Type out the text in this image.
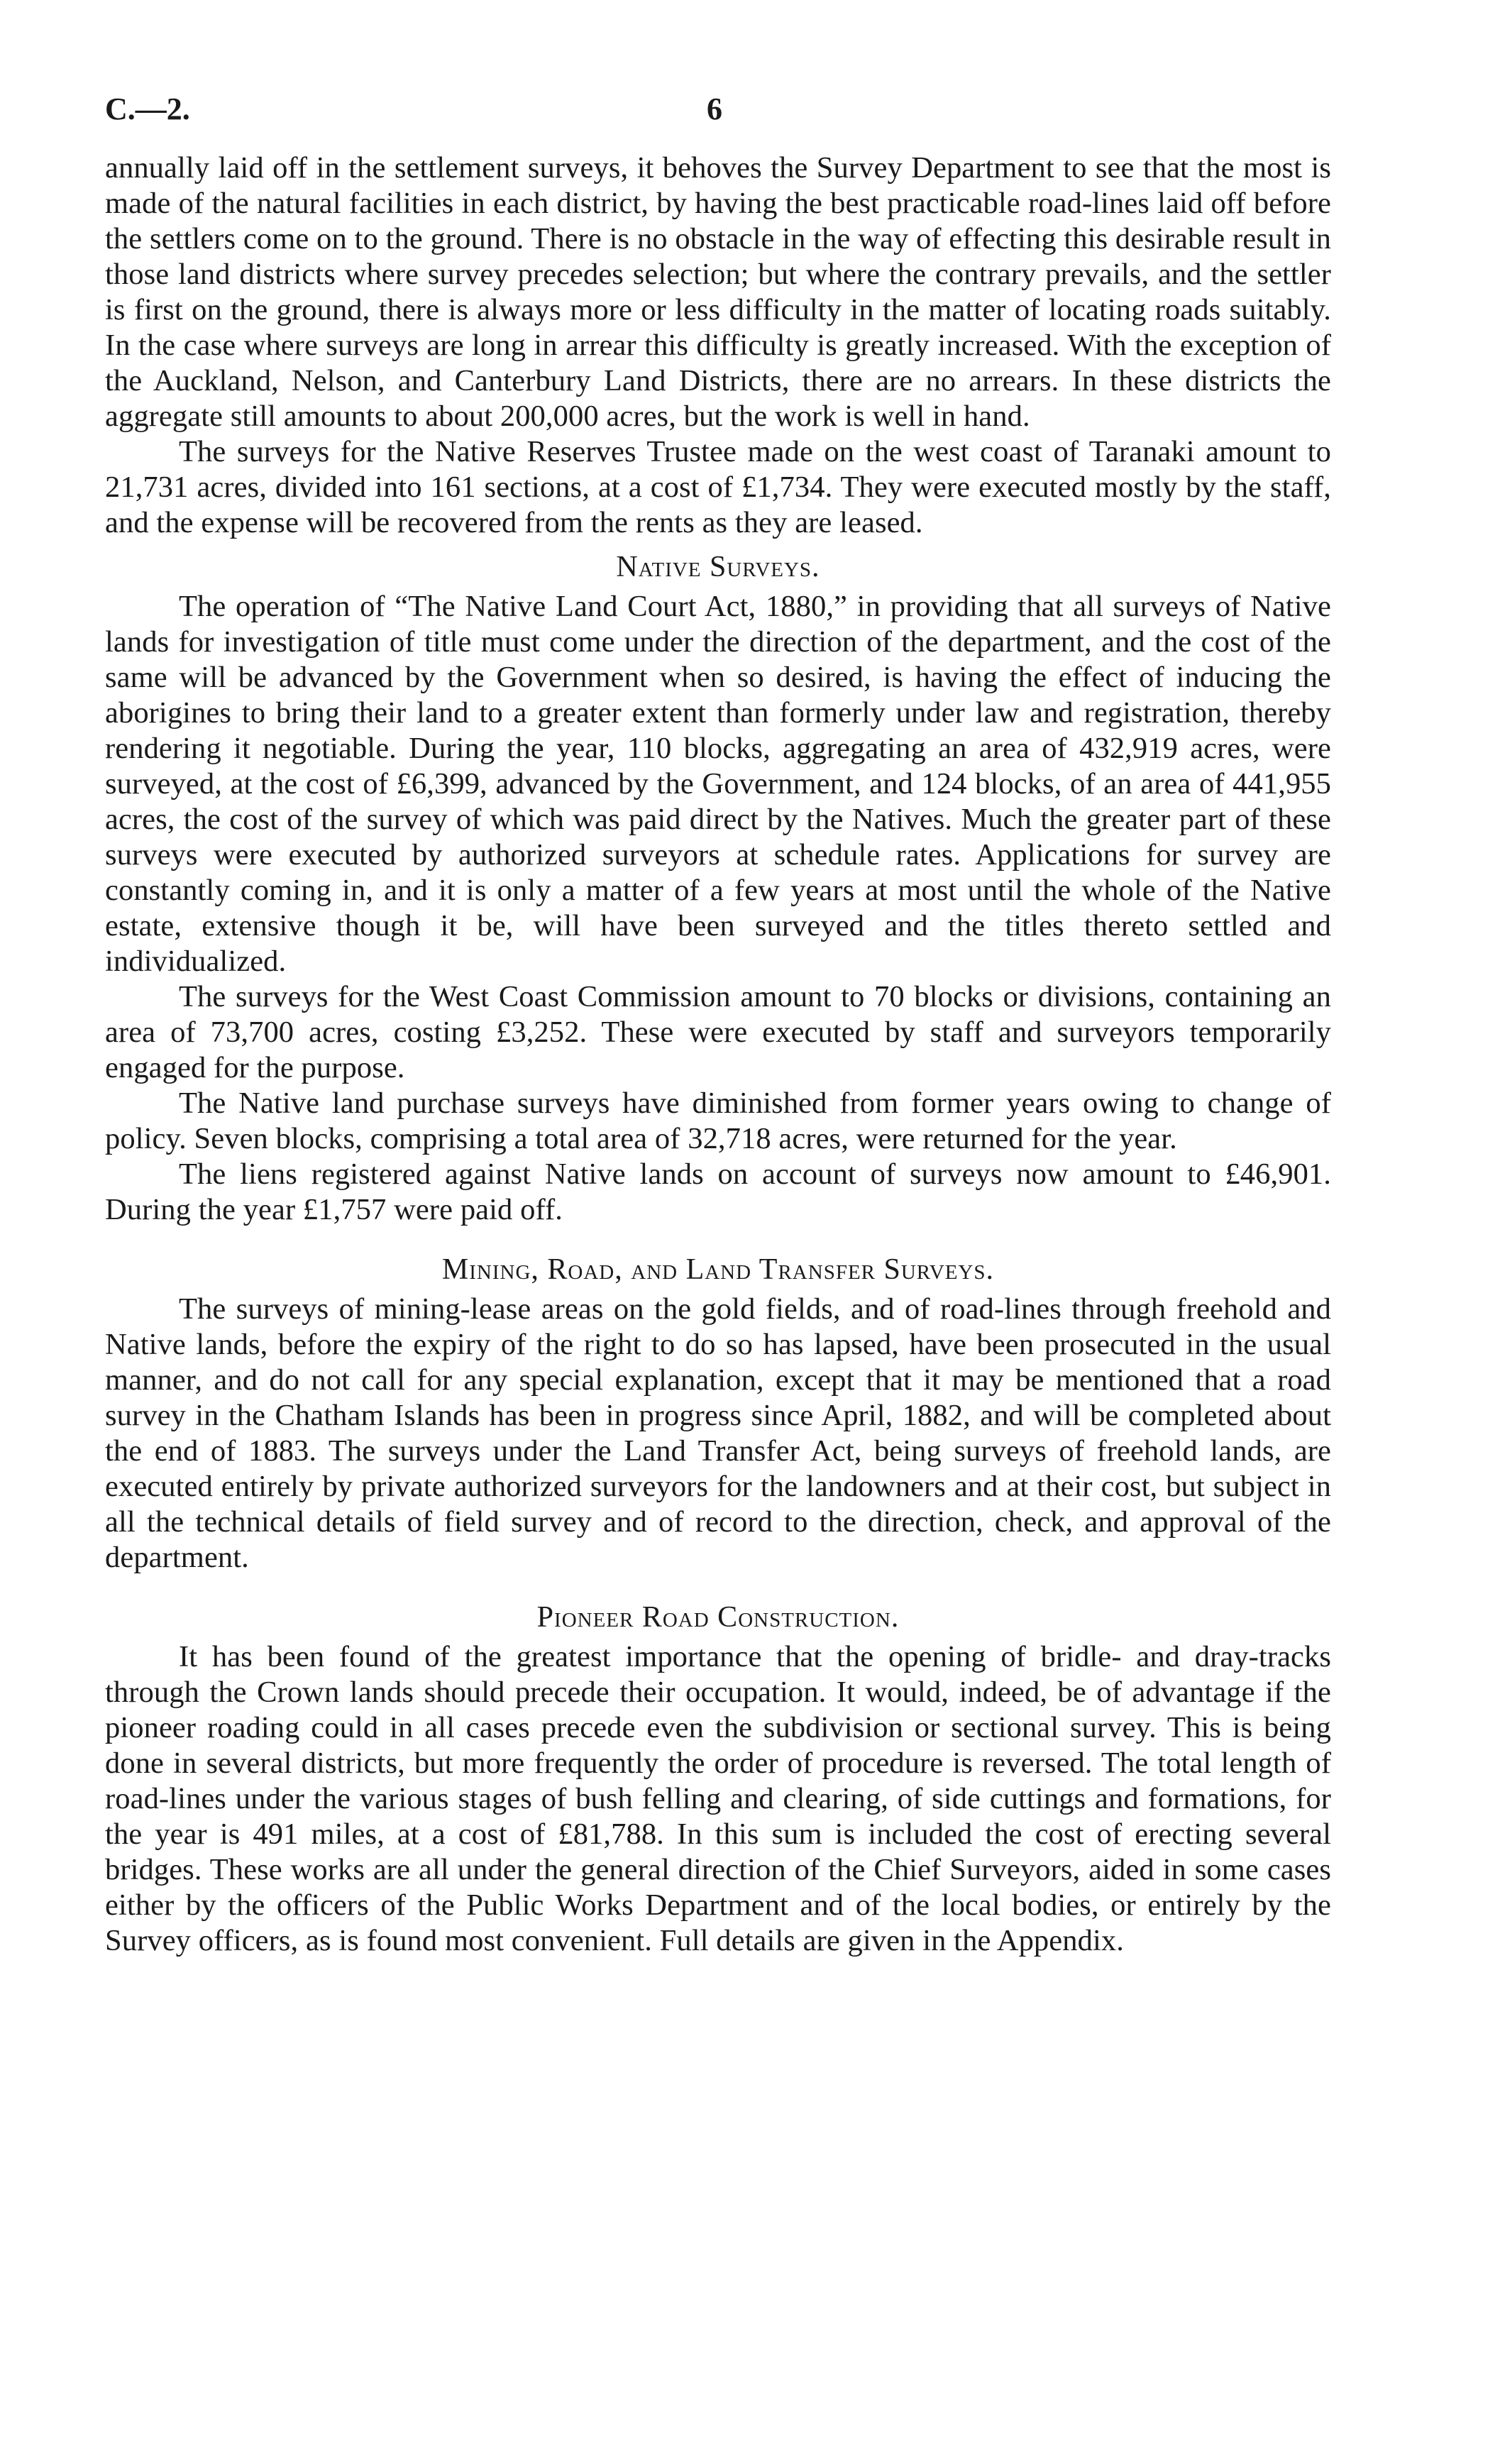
C.—2.	6

annually laid off in the settlement surveys, it behoves the Survey Department to see that the most is made of the natural facilities in each district, by having the best practicable road-lines laid off before the settlers come on to the ground. There is no obstacle in the way of effecting this desirable result in those land districts where survey precedes selection; but where the contrary prevails, and the settler is first on the ground, there is always more or less difficulty in the matter of locating roads suitably. In the case where surveys are long in arrear this difficulty is greatly increased. With the exception of the Auckland, Nelson, and Canterbury Land Districts, there are no arrears. In these districts the aggregate still amounts to about 200,000 acres, but the work is well in hand.

The surveys for the Native Reserves Trustee made on the west coast of Taranaki amount to 21,731 acres, divided into 161 sections, at a cost of £1,734. They were executed mostly by the staff, and the expense will be recovered from the rents as they are leased.

Native Surveys.

The operation of “The Native Land Court Act, 1880,” in providing that all surveys of Native lands for investigation of title must come under the direction of the department, and the cost of the same will be advanced by the Government when so desired, is having the effect of inducing the aborigines to bring their land to a greater extent than formerly under law and registration, thereby rendering it negotiable. During the year, 110 blocks, aggregating an area of 432,919 acres, were surveyed, at the cost of £6,399, advanced by the Government, and 124 blocks, of an area of 441,955 acres, the cost of the survey of which was paid direct by the Natives. Much the greater part of these surveys were executed by authorized surveyors at schedule rates. Applications for survey are constantly coming in, and it is only a matter of a few years at most until the whole of the Native estate, extensive though it be, will have been surveyed and the titles thereto settled and individualized.

The surveys for the West Coast Commission amount to 70 blocks or divisions, containing an area of 73,700 acres, costing £3,252. These were executed by staff and surveyors temporarily engaged for the purpose.

The Native land purchase surveys have diminished from former years owing to change of policy. Seven blocks, comprising a total area of 32,718 acres, were returned for the year.

The liens registered against Native lands on account of surveys now amount to £46,901. During the year £1,757 were paid off.

Mining, Road, and Land Transfer Surveys.

The surveys of mining-lease areas on the gold fields, and of road-lines through freehold and Native lands, before the expiry of the right to do so has lapsed, have been prosecuted in the usual manner, and do not call for any special explanation, except that it may be mentioned that a road survey in the Chatham Islands has been in progress since April, 1882, and will be completed about the end of 1883. The surveys under the Land Transfer Act, being surveys of freehold lands, are executed entirely by private authorized surveyors for the landowners and at their cost, but subject in all the technical details of field survey and of record to the direction, check, and approval of the department.

Pioneer Road Construction.

It has been found of the greatest importance that the opening of bridle- and dray-tracks through the Crown lands should precede their occupation. It would, indeed, be of advantage if the pioneer roading could in all cases precede even the subdivision or sectional survey. This is being done in several districts, but more frequently the order of procedure is reversed. The total length of road-lines under the various stages of bush felling and clearing, of side cuttings and formations, for the year is 491 miles, at a cost of £81,788. In this sum is included the cost of erecting several bridges. These works are all under the general direction of the Chief Surveyors, aided in some cases either by the officers of the Public Works Department and of the local bodies, or entirely by the Survey officers, as is found most convenient. Full details are given in the Appendix.
